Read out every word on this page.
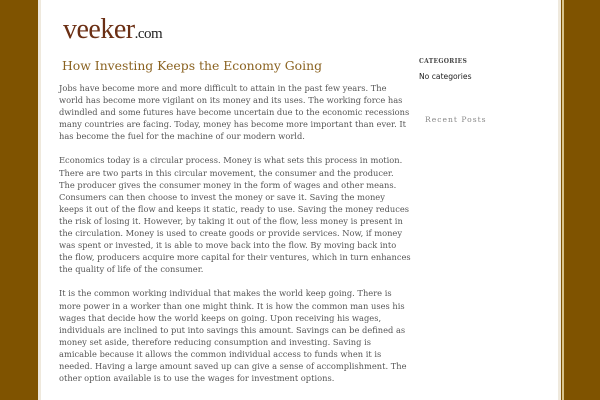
veeker.com
How Investing Keeps the Economy Going

Jobs have become more and more difficult to attain in the past few years. The world has become more vigilant on its money and its uses. The working force has dwindled and some futures have become uncertain due to the economic recessions many countries are facing. Today, money has become more important than ever. It has become the fuel for the machine of our modern world.

Economics today is a circular process. Money is what sets this process in motion. There are two parts in this circular movement, the consumer and the producer. The producer gives the consumer money in the form of wages and other means. Consumers can then choose to invest the money or save it. Saving the money keeps it out of the flow and keeps it static, ready to use. Saving the money reduces the risk of losing it. However, by taking it out of the flow, less money is present in the circulation. Money is used to create goods or provide services. Now, if money was spent or invested, it is able to move back into the flow. By moving back into the flow, producers acquire more capital for their ventures, which in turn enhances the quality of life of the consumer.

It is the common working individual that makes the world keep going. There is more power in a worker than one might think. It is how the common man uses his wages that decide how the world keeps on going. Upon receiving his wages, individuals are inclined to put into savings this amount. Savings can be defined as money set aside, therefore reducing consumption and investing. Saving is amicable because it allows the common individual access to funds when it is needed. Having a large amount saved up can give a sense of accomplishment. The other option available is to use the wages for investment options.

CATEGORIES
No categories
Recent Posts
